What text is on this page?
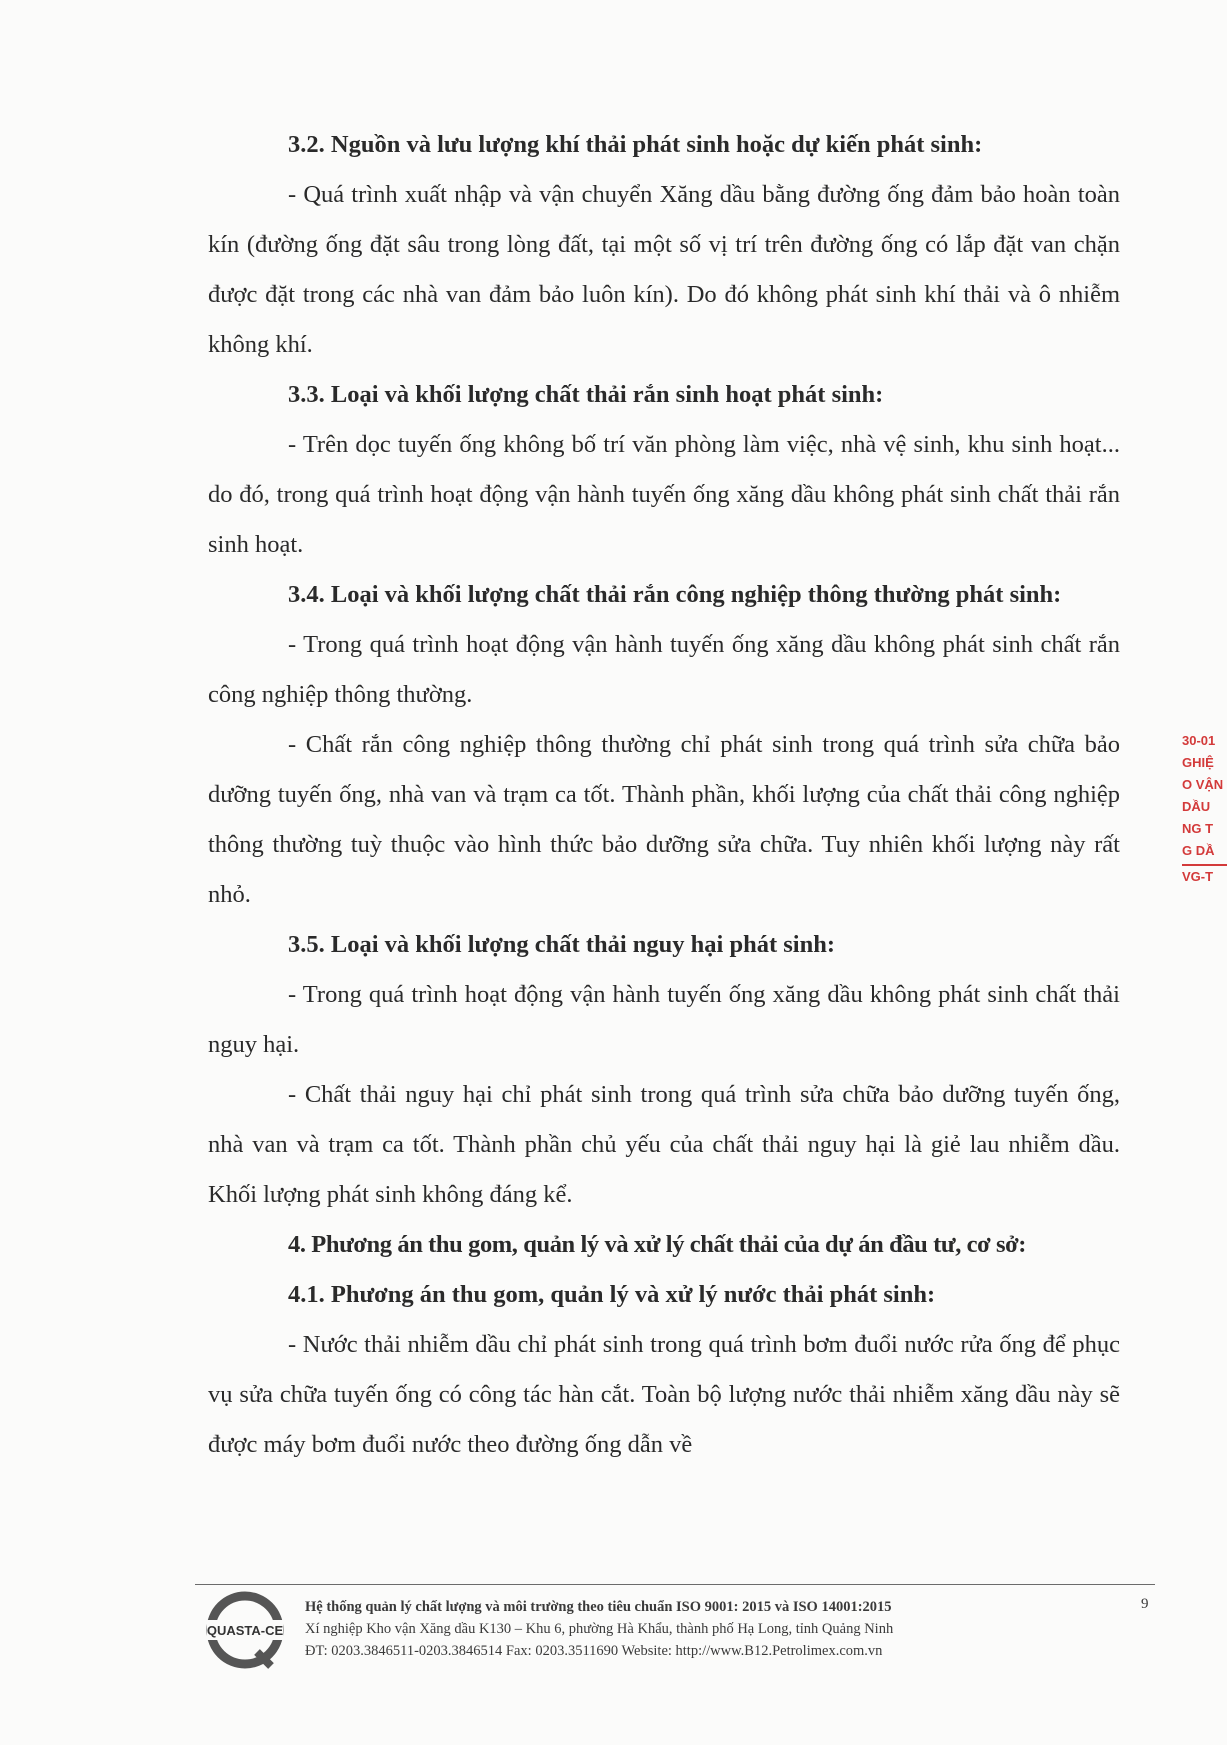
3.2. Nguồn và lưu lượng khí thải phát sinh hoặc dự kiến phát sinh:

- Quá trình xuất nhập và vận chuyển Xăng dầu bằng đường ống đảm bảo hoàn toàn kín (đường ống đặt sâu trong lòng đất, tại một số vị trí trên đường ống có lắp đặt van chặn được đặt trong các nhà van đảm bảo luôn kín). Do đó không phát sinh khí thải và ô nhiễm không khí.

3.3. Loại và khối lượng chất thải rắn sinh hoạt phát sinh:

- Trên dọc tuyến ống không bố trí văn phòng làm việc, nhà vệ sinh, khu sinh hoạt... do đó, trong quá trình hoạt động vận hành tuyến ống xăng dầu không phát sinh chất thải rắn sinh hoạt.

3.4. Loại và khối lượng chất thải rắn công nghiệp thông thường phát sinh:

- Trong quá trình hoạt động vận hành tuyến ống xăng dầu không phát sinh chất rắn công nghiệp thông thường.

- Chất rắn công nghiệp thông thường chỉ phát sinh trong quá trình sửa chữa bảo dưỡng tuyến ống, nhà van và trạm ca tốt. Thành phần, khối lượng của chất thải công nghiệp thông thường tuỳ thuộc vào hình thức bảo dưỡng sửa chữa. Tuy nhiên khối lượng này rất nhỏ.

3.5. Loại và khối lượng chất thải nguy hại phát sinh:

- Trong quá trình hoạt động vận hành tuyến ống xăng dầu không phát sinh chất thải nguy hại.

- Chất thải nguy hại chỉ phát sinh trong quá trình sửa chữa bảo dưỡng tuyến ống, nhà van và trạm ca tốt. Thành phần chủ yếu của chất thải nguy hại là giẻ lau nhiễm dầu. Khối lượng phát sinh không đáng kể.

4. Phương án thu gom, quản lý và xử lý chất thải của dự án đầu tư, cơ sở:

4.1. Phương án thu gom, quản lý và xử lý nước thải phát sinh:

- Nước thải nhiễm dầu chỉ phát sinh trong quá trình bơm đuổi nước rửa ống để phục vụ sửa chữa tuyến ống có công tác hàn cắt. Toàn bộ lượng nước thải nhiễm xăng dầu này sẽ được máy bơm đuổi nước theo đường ống dẫn về

30-01
GHIỆ
O VẬN
DẦU
NG T
G DẦ
VG-T
QUASTA-CE
Hệ thống quản lý chất lượng và môi trường theo tiêu chuẩn ISO 9001: 2015 và ISO 14001:2015
Xí nghiệp Kho vận Xăng dầu K130 – Khu 6, phường Hà Khẩu, thành phố Hạ Long, tỉnh Quảng Ninh
ĐT: 0203.3846511-0203.3846514 Fax: 0203.3511690 Website: http://www.B12.Petrolimex.com.vn
9
